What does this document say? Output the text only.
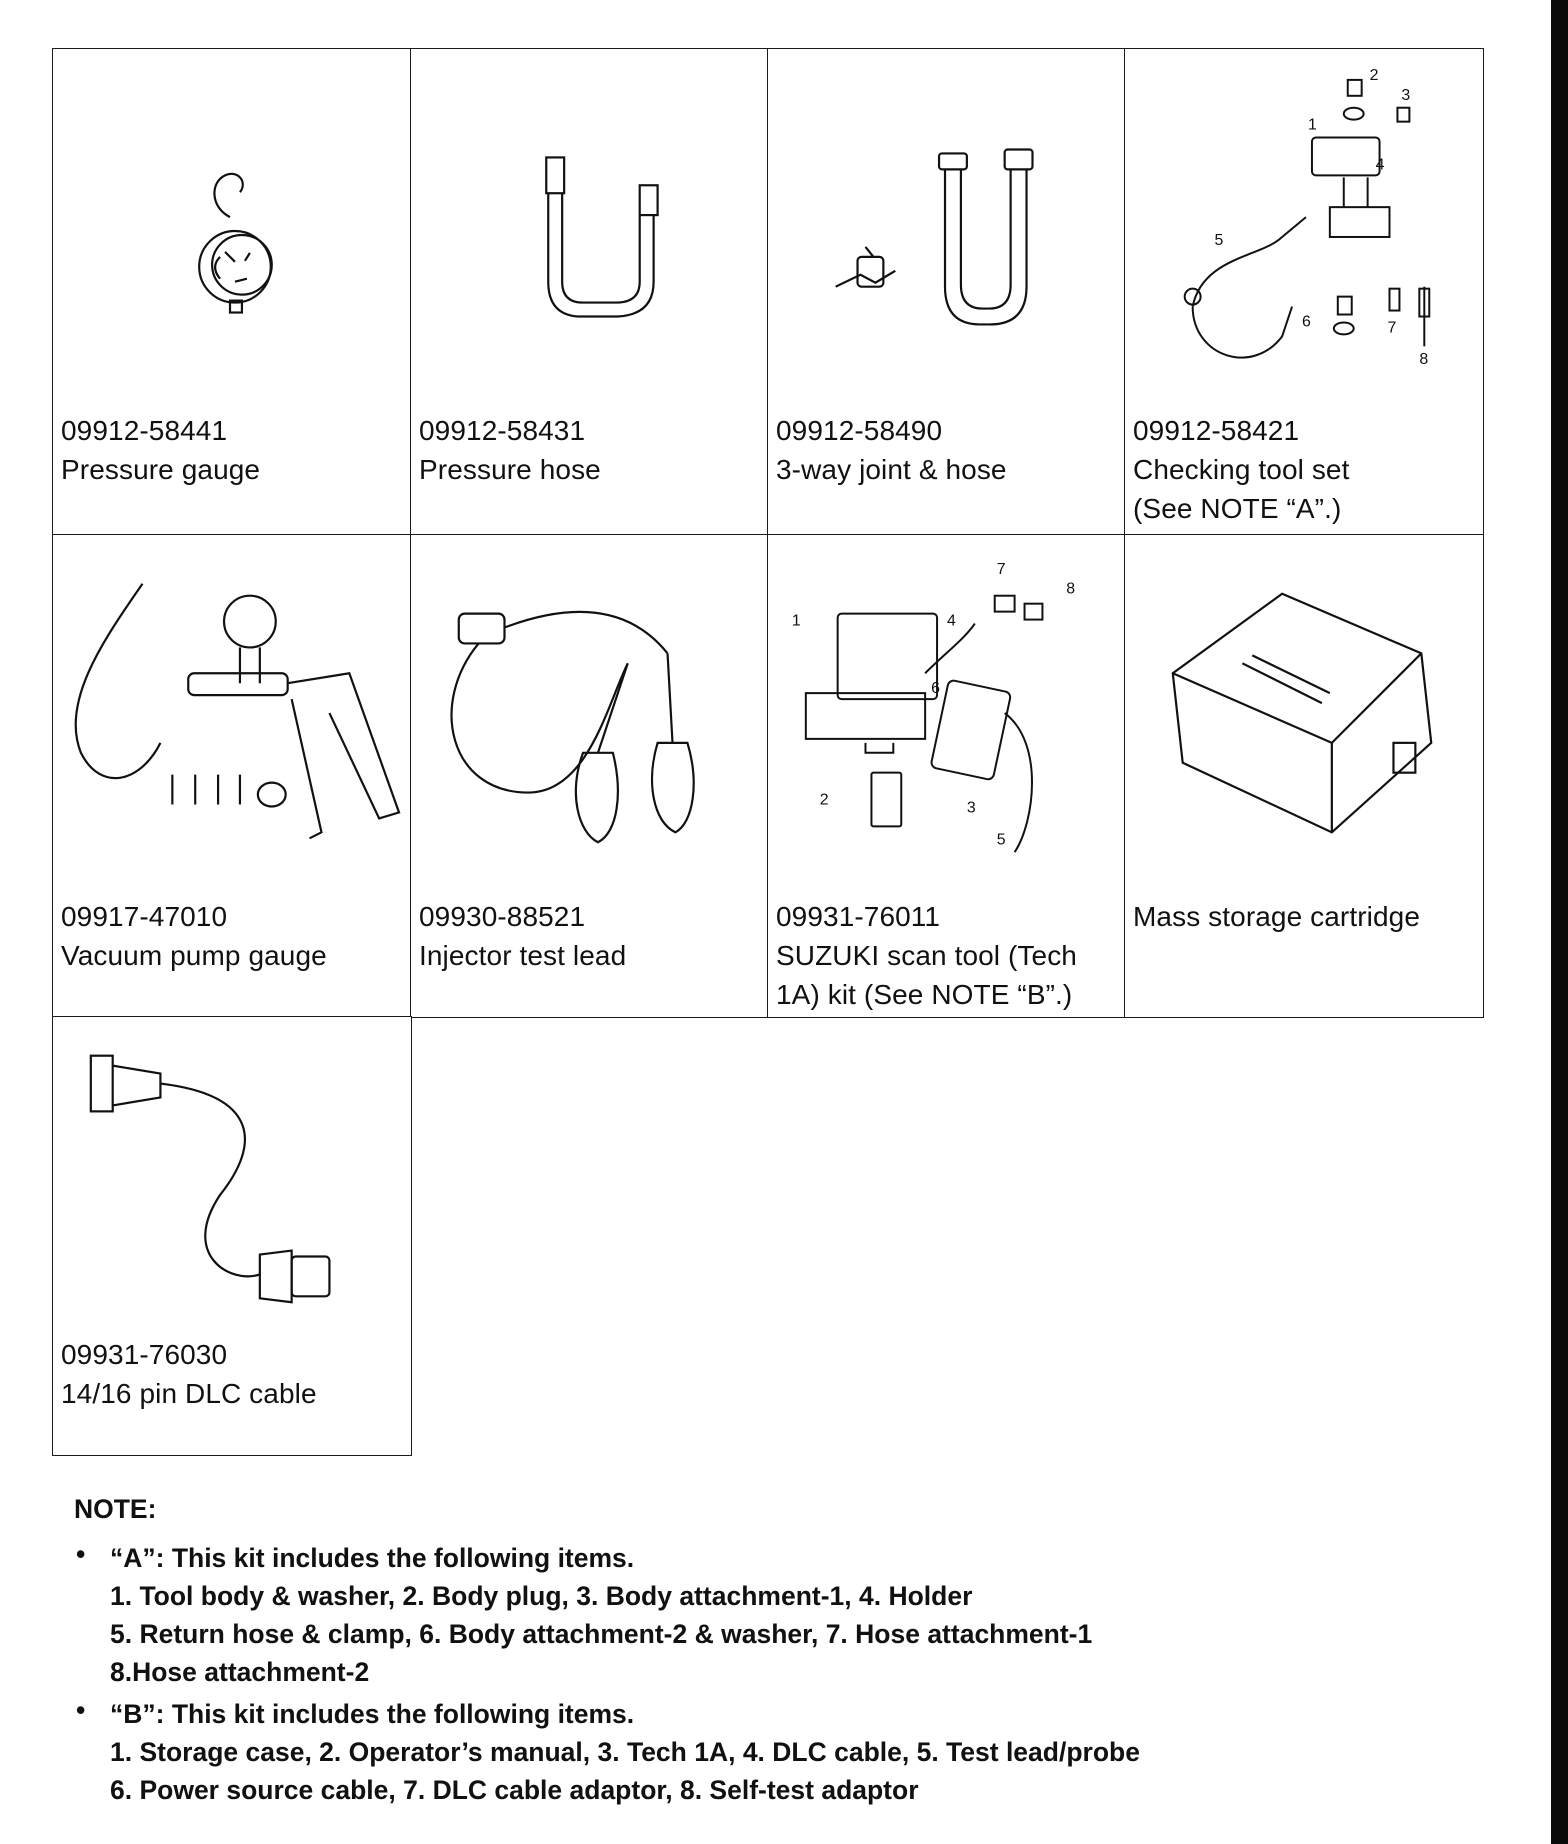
09912-58441
Pressure gauge
09912-58431
Pressure hose
09912-58490
3-way joint & hose
1
2
3
4
5
6	7
8
09912-58421
Checking tool set
(See NOTE “A”.)
09917-47010
Vacuum pump gauge
09930-88521
Injector test lead
1
2	3
4
5
6
7
8
09931-76011
SUZUKI scan tool (Tech
1A) kit (See NOTE “B”.)
Mass storage cartridge
09931-76030
14/16 pin DLC cable
NOTE:
• “A”: This kit includes the following items.
1. Tool body & washer, 2. Body plug, 3. Body attachment-1, 4. Holder
5. Return hose & clamp, 6. Body attachment-2 & washer, 7. Hose attachment-1
8.Hose attachment-2
• “B”: This kit includes the following items.
1. Storage case, 2. Operator’s manual, 3. Tech 1A, 4. DLC cable, 5. Test lead/probe
6. Power source cable, 7. DLC cable adaptor, 8. Self-test adaptor
